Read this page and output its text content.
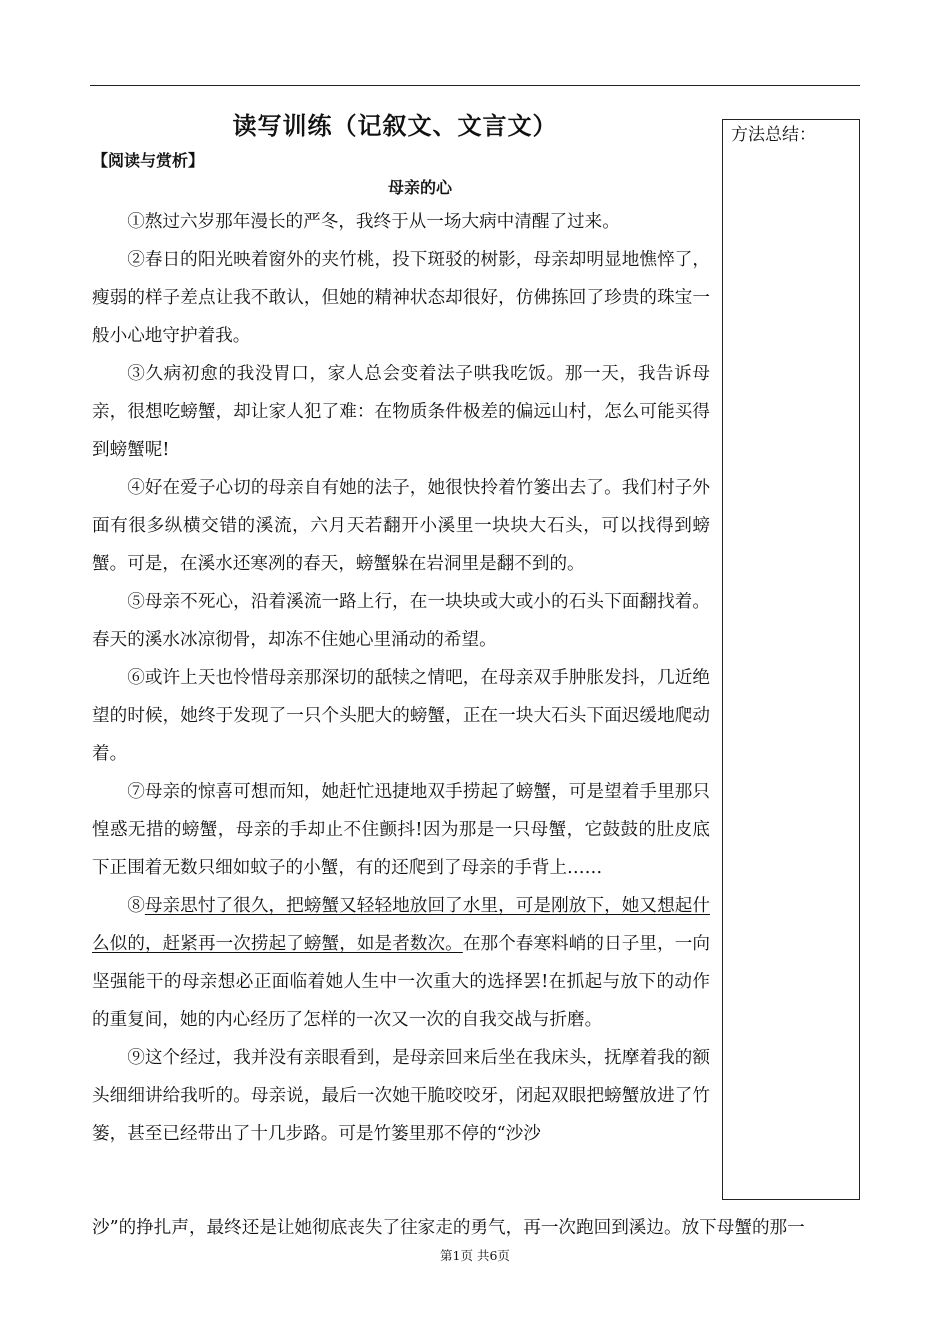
读写训练（记叙文、文言文）

【阅读与赏析】

母亲的心

①熬过六岁那年漫长的严冬，我终于从一场大病中清醒了过来。

②春日的阳光映着窗外的夹竹桃，投下斑驳的树影，母亲却明显地憔悴了，瘦弱的样子差点让我不敢认，但她的精神状态却很好，仿佛拣回了珍贵的珠宝一般小心地守护着我。

③久病初愈的我没胃口，家人总会变着法子哄我吃饭。那一天，我告诉母亲，很想吃螃蟹，却让家人犯了难：在物质条件极差的偏远山村，怎么可能买得到螃蟹呢!

④好在爱子心切的母亲自有她的法子，她很快拎着竹篓出去了。我们村子外面有很多纵横交错的溪流，六月天若翻开小溪里一块块大石头，可以找得到螃蟹。可是，在溪水还寒冽的春天，螃蟹躲在岩洞里是翻不到的。

⑤母亲不死心，沿着溪流一路上行，在一块块或大或小的石头下面翻找着。春天的溪水冰凉彻骨，却冻不住她心里涌动的希望。

⑥或许上天也怜惜母亲那深切的舐犊之情吧，在母亲双手肿胀发抖，几近绝望的时候，她终于发现了一只个头肥大的螃蟹，正在一块大石头下面迟缓地爬动着。

⑦母亲的惊喜可想而知，她赶忙迅捷地双手捞起了螃蟹，可是望着手里那只惶惑无措的螃蟹，母亲的手却止不住颤抖!因为那是一只母蟹，它鼓鼓的肚皮底下正围着无数只细如蚊子的小蟹，有的还爬到了母亲的手背上……

⑧母亲思忖了很久，把螃蟹又轻轻地放回了水里，可是刚放下，她又想起什么似的，赶紧再一次捞起了螃蟹，如是者数次。在那个春寒料峭的日子里，一向坚强能干的母亲想必正面临着她人生中一次重大的选择罢!在抓起与放下的动作的重复间，她的内心经历了怎样的一次又一次的自我交战与折磨。

⑨这个经过，我并没有亲眼看到，是母亲回来后坐在我床头，抚摩着我的额头细细讲给我听的。母亲说，最后一次她干脆咬咬牙，闭起双眼把螃蟹放进了竹篓，甚至已经带出了十几步路。可是竹篓里那不停的“沙沙

沙”的挣扎声，最终还是让她彻底丧失了往家走的勇气，再一次跑回到溪边。放下母蟹的那一

方法总结：

第1页 共6页
